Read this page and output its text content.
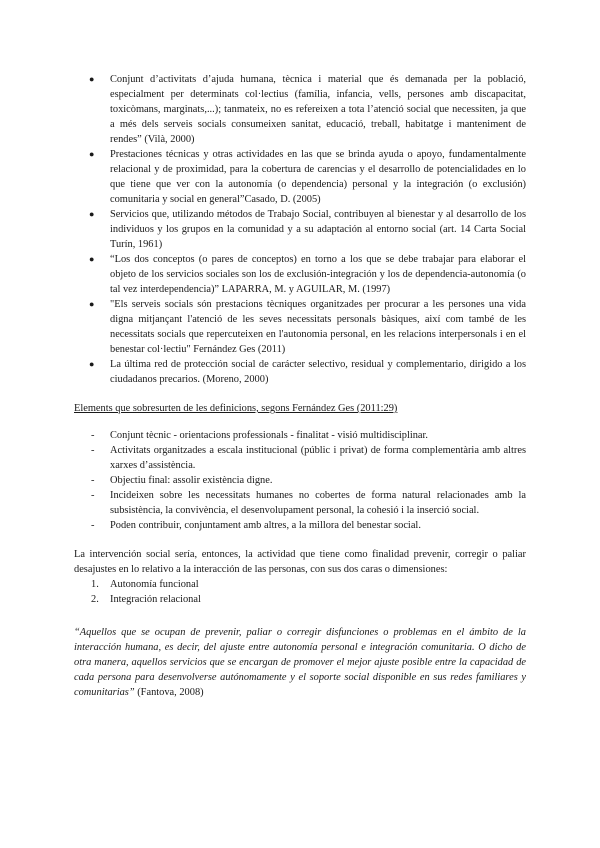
● Conjunt d’activitats d’ajuda humana, tècnica i material que és demanada per la població, especialment per determinats col·lectius (família, infancia, vells, persones amb discapacitat, toxicòmans, marginats,...); tanmateix, no es refereixen a tota l’atenció social que necessiten, ja que a més dels serveis socials consumeixen sanitat, educació, treball, habitatge i manteniment de rendes” (Vilà, 2000)
● Prestaciones técnicas y otras actividades en las que se brinda ayuda o apoyo, fundamentalmente relacional y de proximidad, para la cobertura de carencias y el desarrollo de potencialidades en lo que tiene que ver con la autonomía (o dependencia) personal y la integración (o exclusión) comunitaria y social en general”Casado, D. (2005)
● Servicios que, utilizando métodos de Trabajo Social, contribuyen al bienestar y al desarrollo de los individuos y los grupos en la comunidad y a su adaptación al entorno social (art. 14 Carta Social Turín, 1961)
● “Los dos conceptos (o pares de conceptos) en torno a los que se debe trabajar para elaborar el objeto de los servicios sociales son los de exclusión-integración y los de dependencia-autonomía (o tal vez interdependencia)” LAPARRA, M. y AGUILAR, M. (1997)
● "Els serveis socials són prestacions tècniques organitzades per procurar a les persones una vida digna mitjançant l'atenció de les seves necessitats personals bàsiques, així com també de les necessitats socials que repercuteixen en l'autonomia personal, en les relacions interpersonals i en el benestar col·lectiu" Fernández Ges (2011)
● La última red de protección social de carácter selectivo, residual y complementario, dirigido a los ciudadanos precarios. (Moreno, 2000)
Elements que sobresurten de les definicions, segons Fernández Ges (2011:29)
- Conjunt tècnic - orientacions professionals - finalitat - visió multidisciplinar.
- Activitats organitzades a escala institucional (públic i privat) de forma complementària amb altres xarxes d’assistència.
- Objectiu final: assolir existència digne.
- Incideixen sobre les necessitats humanes no cobertes de forma natural relacionades amb la subsistència, la convivència, el desenvolupament personal, la cohesió i la inserció social.
- Poden contribuir, conjuntament amb altres, a la millora del benestar social.
La intervención social sería, entonces, la actividad que tiene como finalidad prevenir, corregir o paliar desajustes en lo relativo a la interacción de las personas, con sus dos caras o dimensiones:
1. Autonomía funcional
2. Integración relacional
“Aquellos que se ocupan de prevenir, paliar o corregir disfunciones o problemas en el ámbito de la interacción humana, es decir, del ajuste entre autonomía personal e integración comunitaria. O dicho de otra manera, aquellos servicios que se encargan de promover el mejor ajuste posible entre la capacidad de cada persona para desenvolverse autónomamente y el soporte social disponible en sus redes familiares y comunitarias” (Fantova, 2008)
